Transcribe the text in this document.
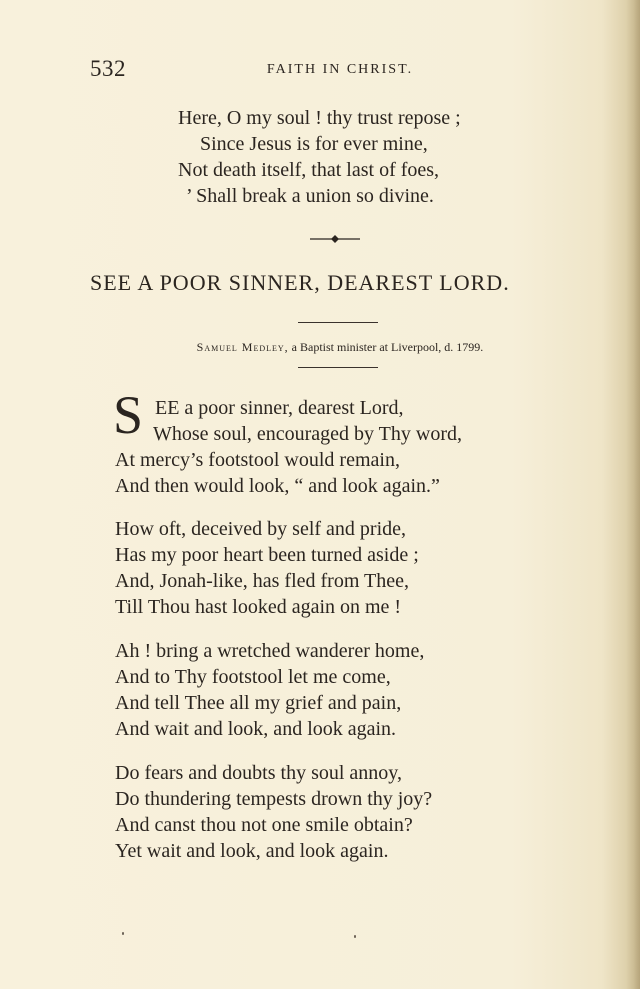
532	FAITH IN CHRIST.
Here, O my soul ! thy trust repose ;
Since Jesus is for ever mine,
Not death itself, that last of foes,
’ Shall break a union so divine.
SEE A POOR SINNER, DEAREST LORD.
Samuel Medley, a Baptist minister at Liverpool, d. 1799.
S EE a poor sinner, dearest Lord,
Whose soul, encouraged by Thy word,
At mercy’s footstool would remain,
And then would look, “ and look again.”
How oft, deceived by self and pride,
Has my poor heart been turned aside ;
And, Jonah-like, has fled from Thee,
Till Thou hast looked again on me !
Ah ! bring a wretched wanderer home,
And to Thy footstool let me come,
And tell Thee all my grief and pain,
And wait and look, and look again.
Do fears and doubts thy soul annoy,
Do thundering tempests drown thy joy?
And canst thou not one smile obtain?
Yet wait and look, and look again.
